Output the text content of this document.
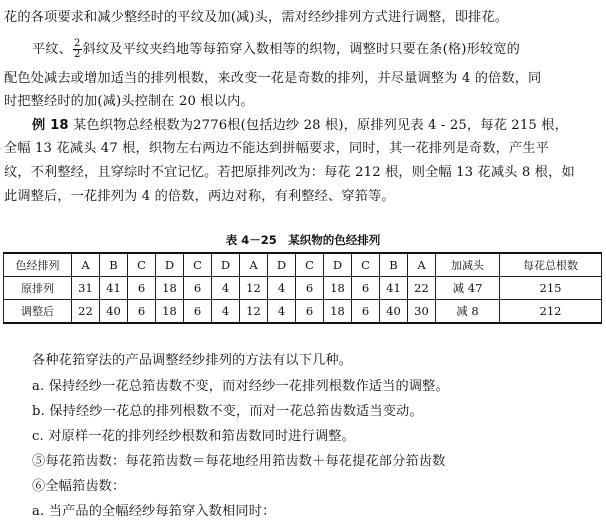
花的各项要求和减少整经时的平纹及加(减)头，需对经纱排列方式进行调整，即排花。
平纹、 $\frac{2}{2}$ 斜纹及平纹夹绉地等每筘穿入数相等的织物，调整时只要在条(格)形较宽的
配色处减去或增加适当的排列根数，来改变一花是奇数的排列，并尽量调整为 4 的倍数，同
时把整经时的加(减)头控制在 20 根以内。
例 18 某色织物总经根数为2776根(包括边纱 28 根)，原排列见表 4 - 25，每花 215 根，
全幅 13 花减头 47 根，织物左右两边不能达到拼幅要求，同时，其一花排列是奇数，产生平
纹，不利整经，且穿综时不宜记忆。若把原排列改为：每花 212 根，则全幅 13 花减头 8 根，如
此调整后，一花排列为 4 的倍数，两边对称，有利整经、穿筘等。
表 4－25　某织物的色经排列
色经排列	A	B	C	D	C	D	A	D	C	D	C	B	A	加减头	每花总根数
原排列	31	41	6	18	6	4	12	4	6	18	6	41	22	减 47	215
调整后	22	40	6	18	6	4	12	4	6	18	6	40	30	减 8	212
各种花筘穿法的产品调整经纱排列的方法有以下几种。
a. 保持经纱一花总筘齿数不变，而对经纱一花排列根数作适当的调整。
b. 保持经纱一花总的排列根数不变，而对一花总筘齿数适当变动。
c. 对原样一花的排列经纱根数和筘齿数同时进行调整。
⑤每花筘齿数：每花筘齿数＝每花地经用筘齿数＋每花提花部分筘齿数
⑥全幅筘齿数：
a. 当产品的全幅经纱每筘穿入数相同时：
